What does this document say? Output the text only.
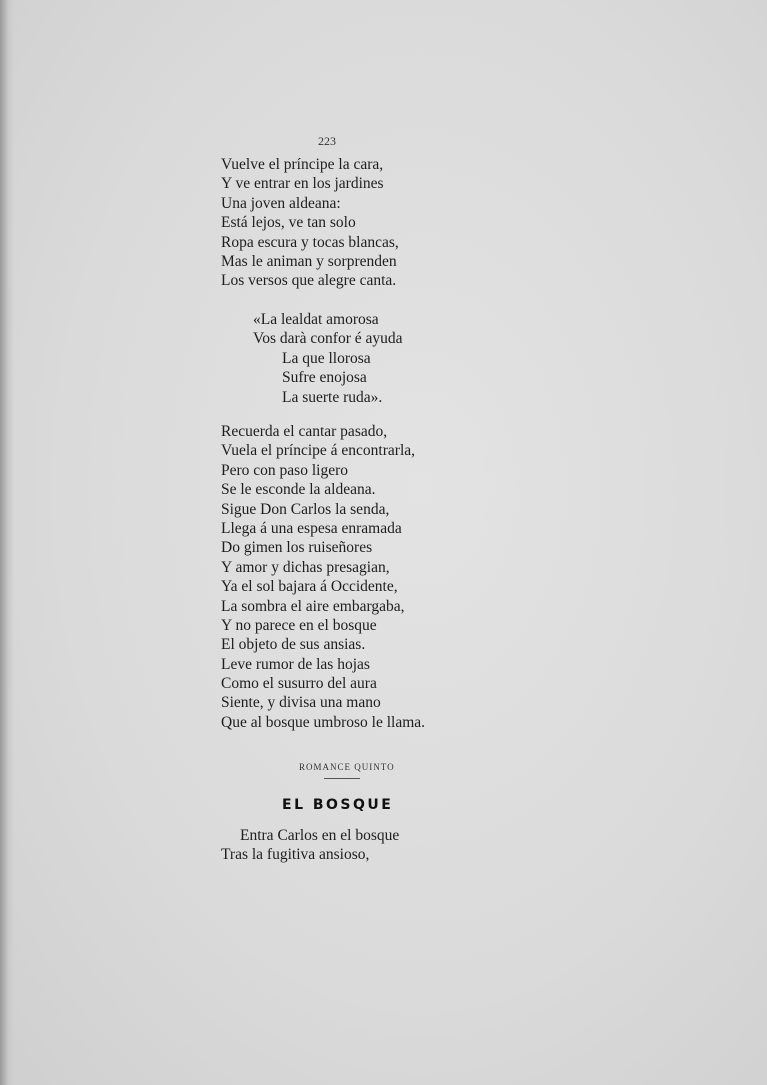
223
Vuelve el príncipe la cara,
Y ve entrar en los jardines
Una joven aldeana:
Está lejos, ve tan solo
Ropa escura y tocas blancas,
Mas le animan y sorprenden
Los versos que alegre canta.
«La lealdat amorosa
Vos darà confor é ayuda
La que llorosa
Sufre enojosa
La suerte ruda».
Recuerda el cantar pasado,
Vuela el príncipe á encontrarla,
Pero con paso ligero
Se le esconde la aldeana.
Sigue Don Carlos la senda,
Llega á una espesa enramada
Do gimen los ruiseñores
Y amor y dichas presagian,
Ya el sol bajara á Occidente,
La sombra el aire embargaba,
Y no parece en el bosque
El objeto de sus ansias.
Leve rumor de las hojas
Como el susurro del aura
Siente, y divisa una mano
Que al bosque umbroso le llama.
ROMANCE QUINTO
EL BOSQUE
Entra Carlos en el bosque
Tras la fugitiva ansioso,
